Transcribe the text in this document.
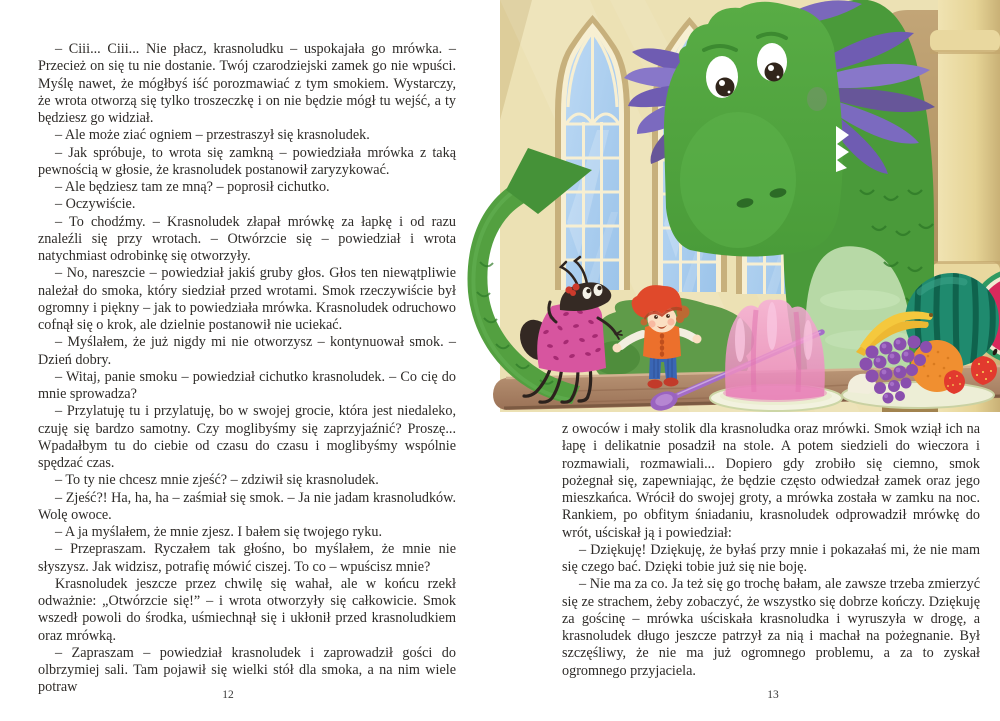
– Ciii... Ciii... Nie płacz, krasnoludku – uspokajała go mrówka. – Przecież on się tu nie dostanie. Twój czarodziejski zamek go nie wpuści. Myślę nawet, że mógłbyś iść porozmawiać z tym smokiem. Wystarczy, że wrota otworzą się tylko troszeczkę i on nie będzie mógł tu wejść, a ty będziesz go widział.

– Ale może ziać ogniem – przestraszył się krasnoludek.

– Jak spróbuje, to wrota się zamkną – powiedziała mrówka z taką pewnością w głosie, że krasnoludek postanowił zaryzykować.

– Ale będziesz tam ze mną? – poprosił cichutko.

– Oczywiście.

– To chodźmy. – Krasnoludek złapał mrówkę za łapkę i od razu znaleźli się przy wrotach. – Otwórzcie się – powiedział i wrota natychmiast odrobinkę się otworzyły.

– No, nareszcie – powiedział jakiś gruby głos. Głos ten niewątpliwie należał do smoka, który siedział przed wrotami. Smok rzeczywiście był ogromny i piękny – jak to powiedziała mrówka. Krasnoludek odruchowo cofnął się o krok, ale dzielnie postanowił nie uciekać.

– Myślałem, że już nigdy mi nie otworzysz – kontynuował smok. – Dzień dobry.

– Witaj, panie smoku – powiedział cichutko krasnoludek. – Co cię do mnie sprowadza?

– Przylatuję tu i przylatuję, bo w swojej grocie, która jest niedaleko, czuję się bardzo samotny. Czy moglibyśmy się zaprzyjaźnić? Proszę... Wpadałbym tu do ciebie od czasu do czasu i moglibyśmy wspólnie spędzać czas.

– To ty nie chcesz mnie zjeść? – zdziwił się krasnoludek.

– Zjeść?! Ha, ha, ha – zaśmiał się smok. – Ja nie jadam krasnoludków. Wolę owoce.

– A ja myślałem, że mnie zjesz. I bałem się twojego ryku.

– Przepraszam. Ryczałem tak głośno, bo myślałem, że mnie nie słyszysz. Jak widzisz, potrafię mówić ciszej. To co – wpuścisz mnie?

Krasnoludek jeszcze przez chwilę się wahał, ale w końcu rzekł odważnie: „Otwórzcie się!” – i wrota otworzyły się całkowicie. Smok wszedł powoli do środka, uśmiechnął się i ukłonił przed krasnoludkiem oraz mrówką.

– Zapraszam – powiedział krasnoludek i zaprowadził gości do olbrzymiej sali. Tam pojawił się wielki stół dla smoka, a na nim wiele potraw

z owoców i mały stolik dla krasnoludka oraz mrówki. Smok wziął ich na łapę i delikatnie posadził na stole. A potem siedzieli do wieczora i rozmawiali, rozmawiali... Dopiero gdy zrobiło się ciemno, smok pożegnał się, zapewniając, że będzie często odwiedzał zamek oraz jego mieszkańca. Wrócił do swojej groty, a mrówka została w zamku na noc. Rankiem, po obfitym śniadaniu, krasnoludek odprowadził mrówkę do wrót, uściskał ją i powiedział:

– Dziękuję! Dziękuję, że byłaś przy mnie i pokazałaś mi, że nie mam się czego bać. Dzięki tobie już się nie boję.

– Nie ma za co. Ja też się go trochę bałam, ale zawsze trzeba zmierzyć się ze strachem, żeby zobaczyć, że wszystko się dobrze kończy. Dziękuję za gościnę – mrówka uściskała krasnoludka i wyruszyła w drogę, a krasnoludek długo jeszcze patrzył za nią i machał na pożegnanie. Był szczęśliwy, że nie ma już ogromnego problemu, a za to zyskał ogromnego przyjaciela.

12	13
